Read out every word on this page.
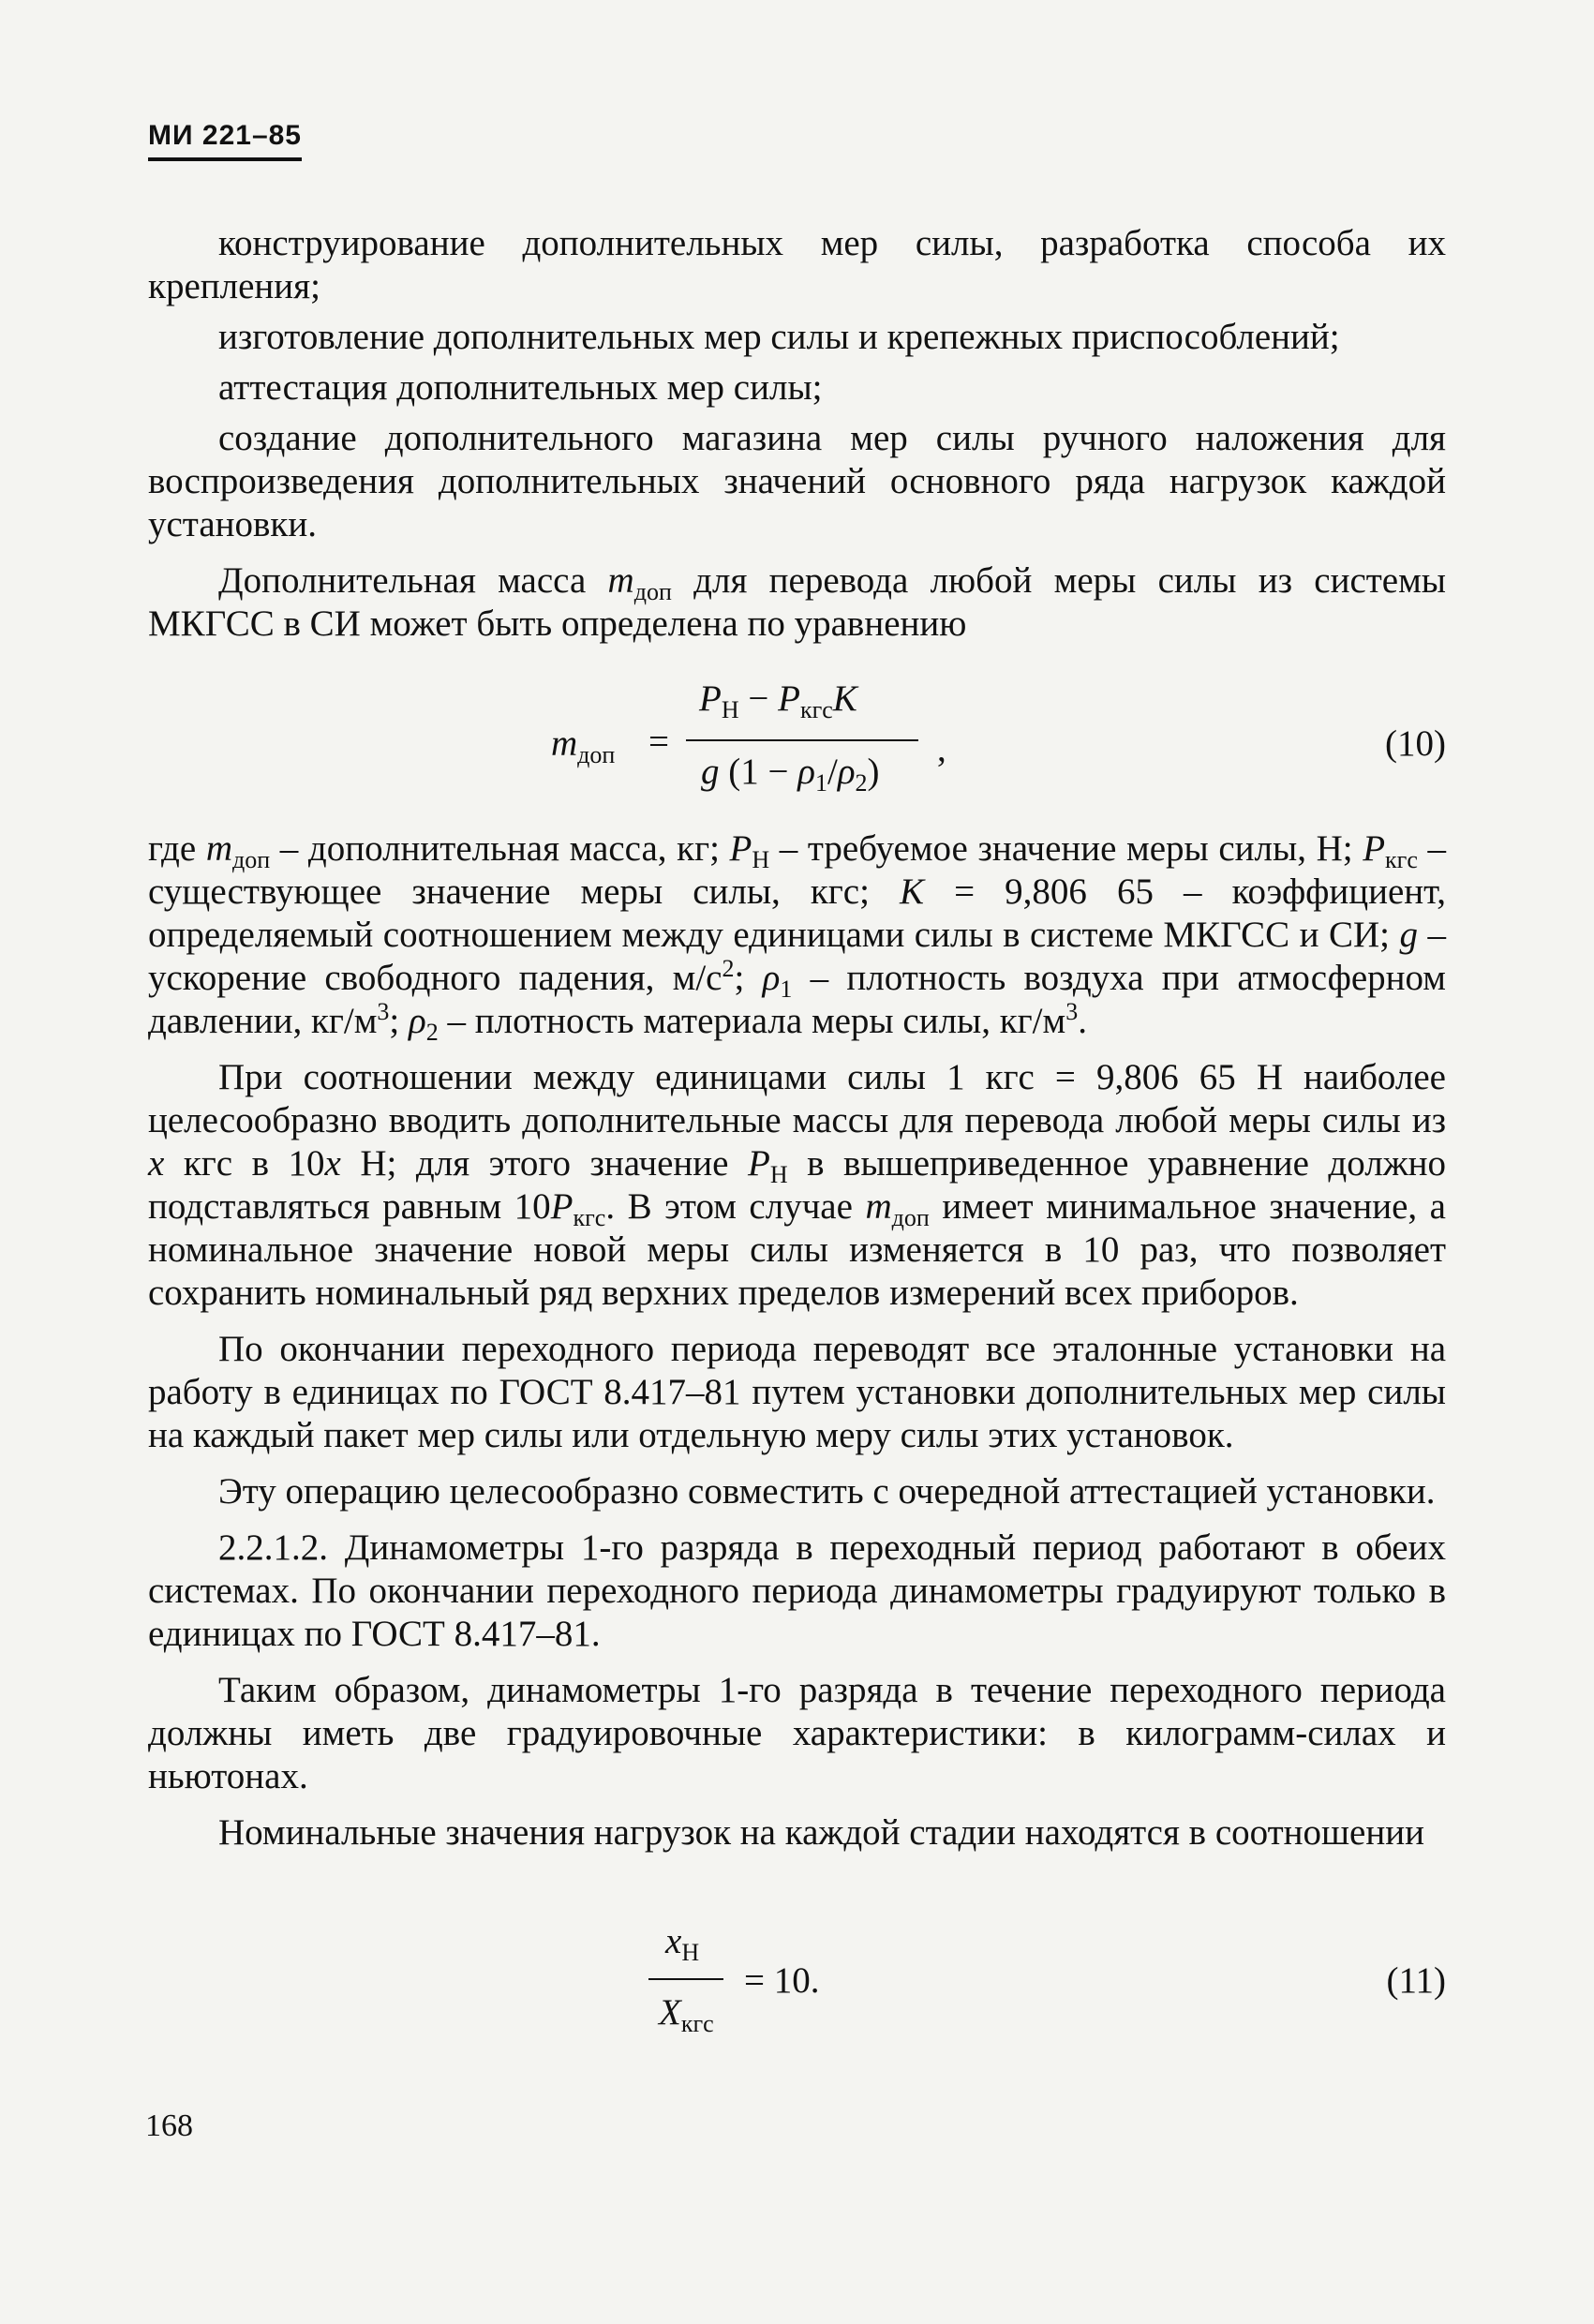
МИ 221–85

конструирование дополнительных мер силы, разработка способа их крепления;

изготовление дополнительных мер силы и крепежных приспособлений;

аттестация дополнительных мер силы;

создание дополнительного магазина мер силы ручного наложения для воспроизведения дополнительных значений основного ряда нагрузок каждой установки.

Дополнительная масса $m_{доп}$ для перевода любой меры силы из системы МКГСС в СИ может быть определена по уравнению

$m_{доп}$ =
$P_Н - P_{кгс}K$
g $(1 - \rho_1/\rho_2)$
,	(10)

где $m_{доп}$ – дополнительная масса, кг; $P_Н$ – требуемое значение меры силы, Н; $P_{кгс}$ – существующее значение меры силы, кгс; K = 9,806 65 – коэффициент, определяемый соотношением между единицами силы в системе МКГСС и СИ; g – ускорение свободного падения, $м/с^2$; $\rho_1$ – плотность воздуха при атмосферном давлении, $кг/м^3$; $\rho_2$ – плотность материала меры силы, $кг/м^3$.

При соотношении между единицами силы 1 кгс = 9,806 65 Н наиболее целесообразно вводить дополнительные массы для перевода любой меры силы из x кгс в 10x Н; для этого значение $P_Н$ в вышеприведенное уравнение должно подставляться равным $10P_{кгс}$. В этом случае $m_{доп}$ имеет минимальное значение, а номинальное значение новой меры силы изменяется в 10 раз, что позволяет сохранить номинальный ряд верхних пределов измерений всех приборов.

По окончании переходного периода переводят все эталонные установки на работу в единицах по ГОСТ 8.417–81 путем установки дополнительных мер силы на каждый пакет мер силы или отдельную меру силы этих установок.

Эту операцию целесообразно совместить с очередной аттестацией установки.

2.2.1.2. Динамометры 1-го разряда в переходный период работают в обеих системах. По окончании переходного периода динамометры градуируют только в единицах по ГОСТ 8.417–81.

Таким образом, динамометры 1-го разряда в течение переходного периода должны иметь две градуировочные характеристики: в килограмм-силах и ньютонах.

Номинальные значения нагрузок на каждой стадии находятся в соотношении

$x_Н$
$X_{кгс}$
= 10.	(11)
168
